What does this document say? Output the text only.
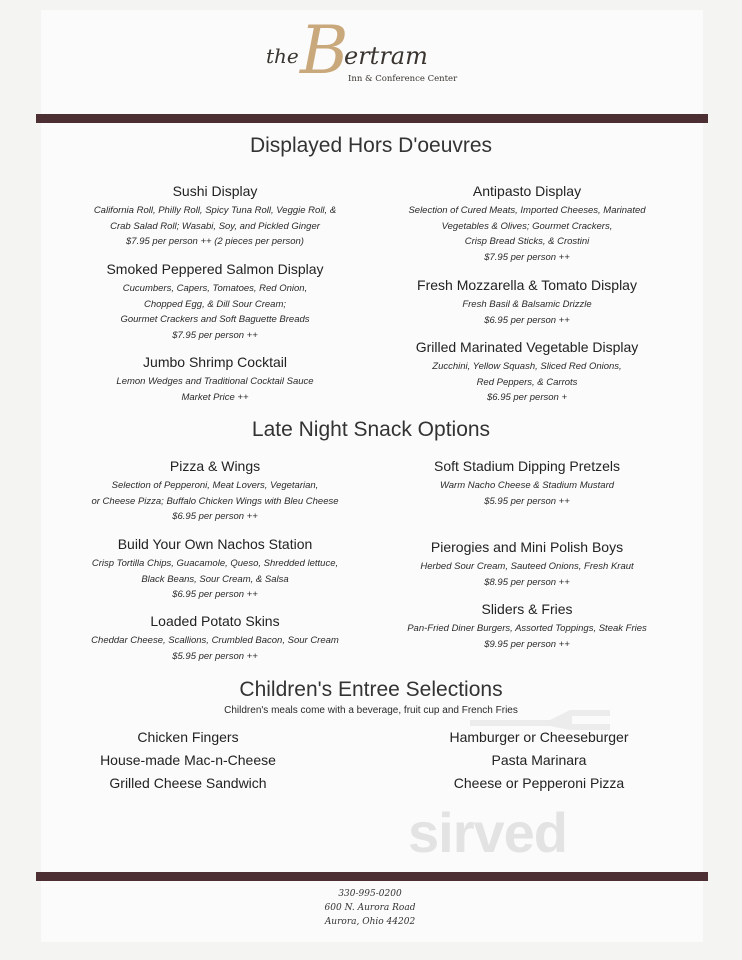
the B
ertram
Inn & Conference Center
Displayed Hors D'oeuvres
Sushi Display
California Roll, Philly Roll, Spicy Tuna Roll, Veggie Roll, &
Crab Salad Roll; Wasabi, Soy, and Pickled Ginger
$7.95 per person ++ (2 pieces per person)
Smoked Peppered Salmon Display
Cucumbers, Capers, Tomatoes, Red Onion,
Chopped Egg, & Dill Sour Cream;
Gourmet Crackers and Soft Baguette Breads
$7.95 per person ++
Jumbo Shrimp Cocktail
Lemon Wedges and Traditional Cocktail Sauce
Market Price ++
Antipasto Display
Selection of Cured Meats, Imported Cheeses, Marinated
Vegetables & Olives; Gourmet Crackers,
Crisp Bread Sticks, & Crostini
$7.95 per person ++
Fresh Mozzarella & Tomato Display
Fresh Basil & Balsamic Drizzle
$6.95 per person ++
Grilled Marinated Vegetable Display
Zucchini, Yellow Squash, Sliced Red Onions,
Red Peppers, & Carrots
$6.95 per person +
Late Night Snack Options
Pizza & Wings
Selection of Pepperoni, Meat Lovers, Vegetarian,
or Cheese Pizza; Buffalo Chicken Wings with Bleu Cheese
$6.95 per person ++
Build Your Own Nachos Station
Crisp Tortilla Chips, Guacamole, Queso, Shredded lettuce,
Black Beans, Sour Cream, & Salsa
$6.95 per person ++
Loaded Potato Skins
Cheddar Cheese, Scallions, Crumbled Bacon, Sour Cream
$5.95 per person ++
Soft Stadium Dipping Pretzels
Warm Nacho Cheese & Stadium Mustard
$5.95 per person ++
Pierogies and Mini Polish Boys
Herbed Sour Cream, Sauteed Onions, Fresh Kraut
$8.95 per person ++
Sliders & Fries
Pan-Fried Diner Burgers, Assorted Toppings, Steak Fries
$9.95 per person ++
Children's Entree Selections
Children's meals come with a beverage, fruit cup and French Fries
Chicken Fingers
House-made Mac-n-Cheese
Grilled Cheese Sandwich
Hamburger or Cheeseburger
Pasta Marinara
Cheese or Pepperoni Pizza
sirved
330-995-0200
600 N. Aurora Road
Aurora, Ohio 44202
